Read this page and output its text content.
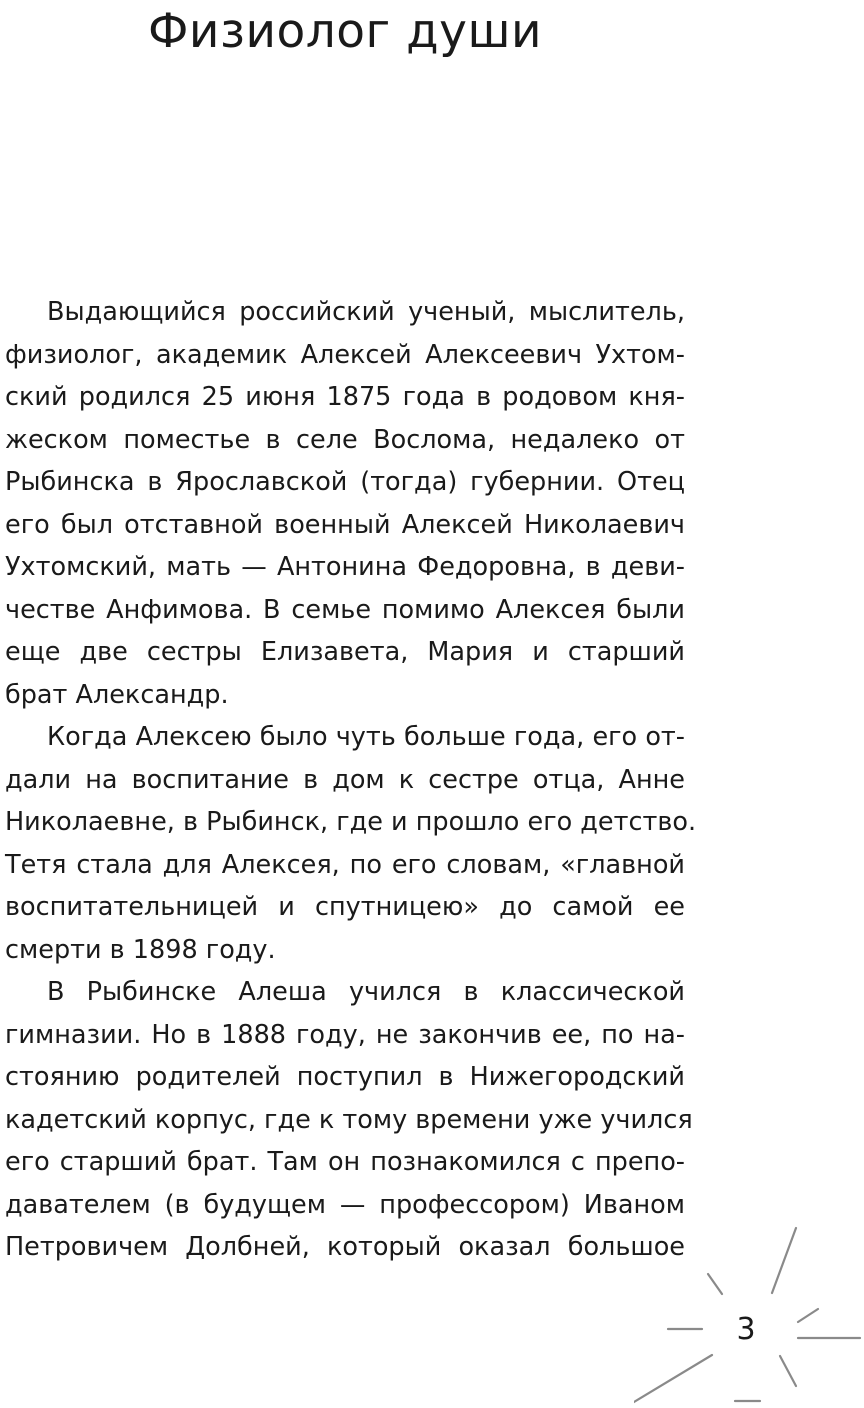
Физиолог души

Выдающийся российский ученый, мыслитель,
физиолог, академик Алексей Алексеевич Ухтом-
ский родился 25 июня 1875 года в родовом кня-
жеском поместье в селе Вослома, недалеко от
Рыбинска в Ярославской (тогда) губернии. Отец
его был отставной военный Алексей Николаевич
Ухтомский, мать — Антонина Федоровна, в деви-
честве Анфимова. В семье помимо Алексея были
еще две сестры Елизавета, Мария и старший
брат Александр.

Когда Алексею было чуть больше года, его от-
дали на воспитание в дом к сестре отца, Анне
Николаевне, в Рыбинск, где и прошло его детство.
Тетя стала для Алексея, по его словам, «главной
воспитательницей и спутницею» до самой ее
смерти в 1898 году.

В Рыбинске Алеша учился в классической
гимназии. Но в 1888 году, не закончив ее, по на-
стоянию родителей поступил в Нижегородский
кадетский корпус, где к тому времени уже учился
его старший брат. Там он познакомился с препо-
давателем (в будущем — профессором) Иваном
Петровичем Долбней, который оказал большое

3
